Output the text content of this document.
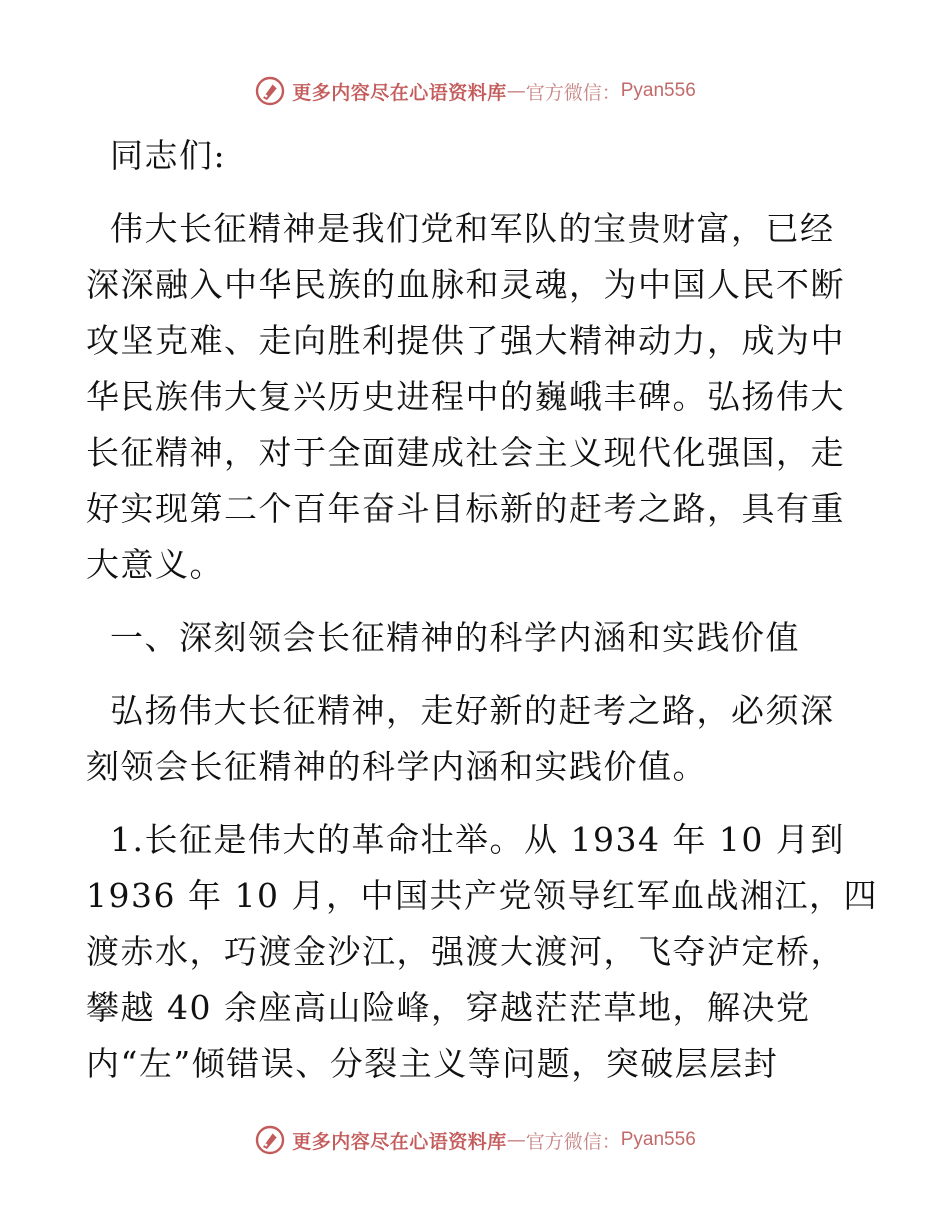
更多内容尽在心语资料库 — 官方微信： Pyan556

同志们:

伟大长征精神是我们党和军队的宝贵财富，已经
深深融入中华民族的血脉和灵魂，为中国人民不断
攻坚克难、走向胜利提供了强大精神动力，成为中
华民族伟大复兴历史进程中的巍峨丰碑。弘扬伟大
长征精神，对于全面建成社会主义现代化强国，走
好实现第二个百年奋斗目标新的赶考之路，具有重
大意义。

一、深刻领会长征精神的科学内涵和实践价值

弘扬伟大长征精神，走好新的赶考之路，必须深
刻领会长征精神的科学内涵和实践价值。

1.长征是伟大的革命壮举。从 1934 年 10 月到
1936 年 10 月，中国共产党领导红军血战湘江，四
渡赤水，巧渡金沙江，强渡大渡河，飞夺泸定桥，
攀越 40 余座高山险峰，穿越茫茫草地，解决党
内“左”倾错误、分裂主义等问题，突破层层封

更多内容尽在心语资料库 — 官方微信： Pyan556
